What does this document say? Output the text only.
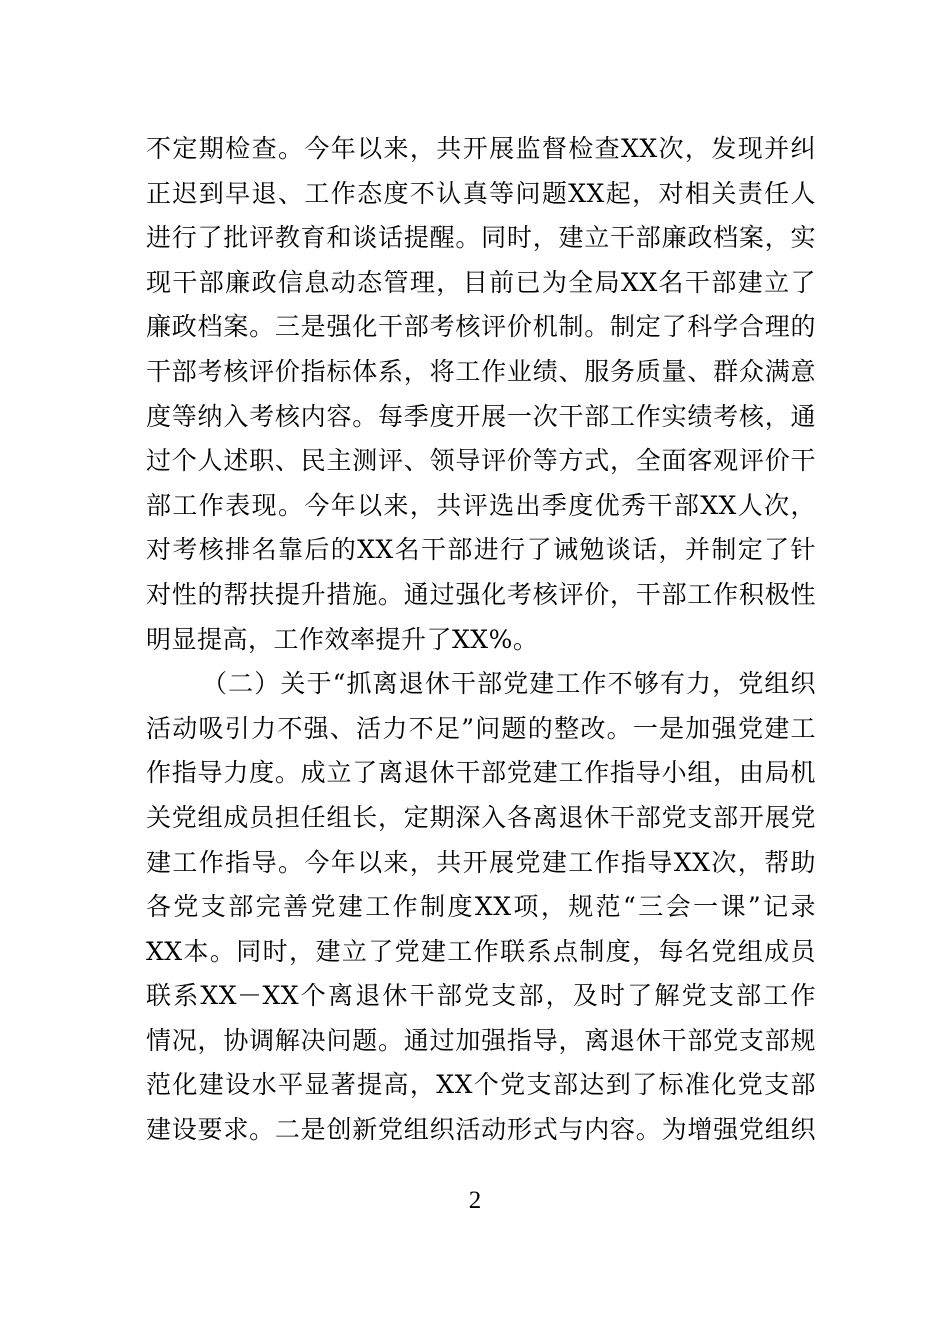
不定期检查。今年以来，共开展监督检查XX次，发现并纠
正迟到早退、工作态度不认真等问题XX起，对相关责任人
进行了批评教育和谈话提醒。同时，建立干部廉政档案，实
现干部廉政信息动态管理，目前已为全局XX名干部建立了
廉政档案。三是强化干部考核评价机制。制定了科学合理的
干部考核评价指标体系，将工作业绩、服务质量、群众满意
度等纳入考核内容。每季度开展一次干部工作实绩考核，通
过个人述职、民主测评、领导评价等方式，全面客观评价干
部工作表现。今年以来，共评选出季度优秀干部XX人次，
对考核排名靠后的XX名干部进行了诫勉谈话，并制定了针
对性的帮扶提升措施。通过强化考核评价，干部工作积极性
明显提高，工作效率提升了XX%。
（二）关于“抓离退休干部党建工作不够有力，党组织
活动吸引力不强、活力不足”问题的整改。一是加强党建工
作指导力度。成立了离退休干部党建工作指导小组，由局机
关党组成员担任组长，定期深入各离退休干部党支部开展党
建工作指导。今年以来，共开展党建工作指导XX次，帮助
各党支部完善党建工作制度XX项，规范“三会一课”记录
XX本。同时，建立了党建工作联系点制度，每名党组成员
联系XX－XX个离退休干部党支部，及时了解党支部工作
情况，协调解决问题。通过加强指导，离退休干部党支部规
范化建设水平显著提高，XX个党支部达到了标准化党支部
建设要求。二是创新党组织活动形式与内容。为增强党组织
2
